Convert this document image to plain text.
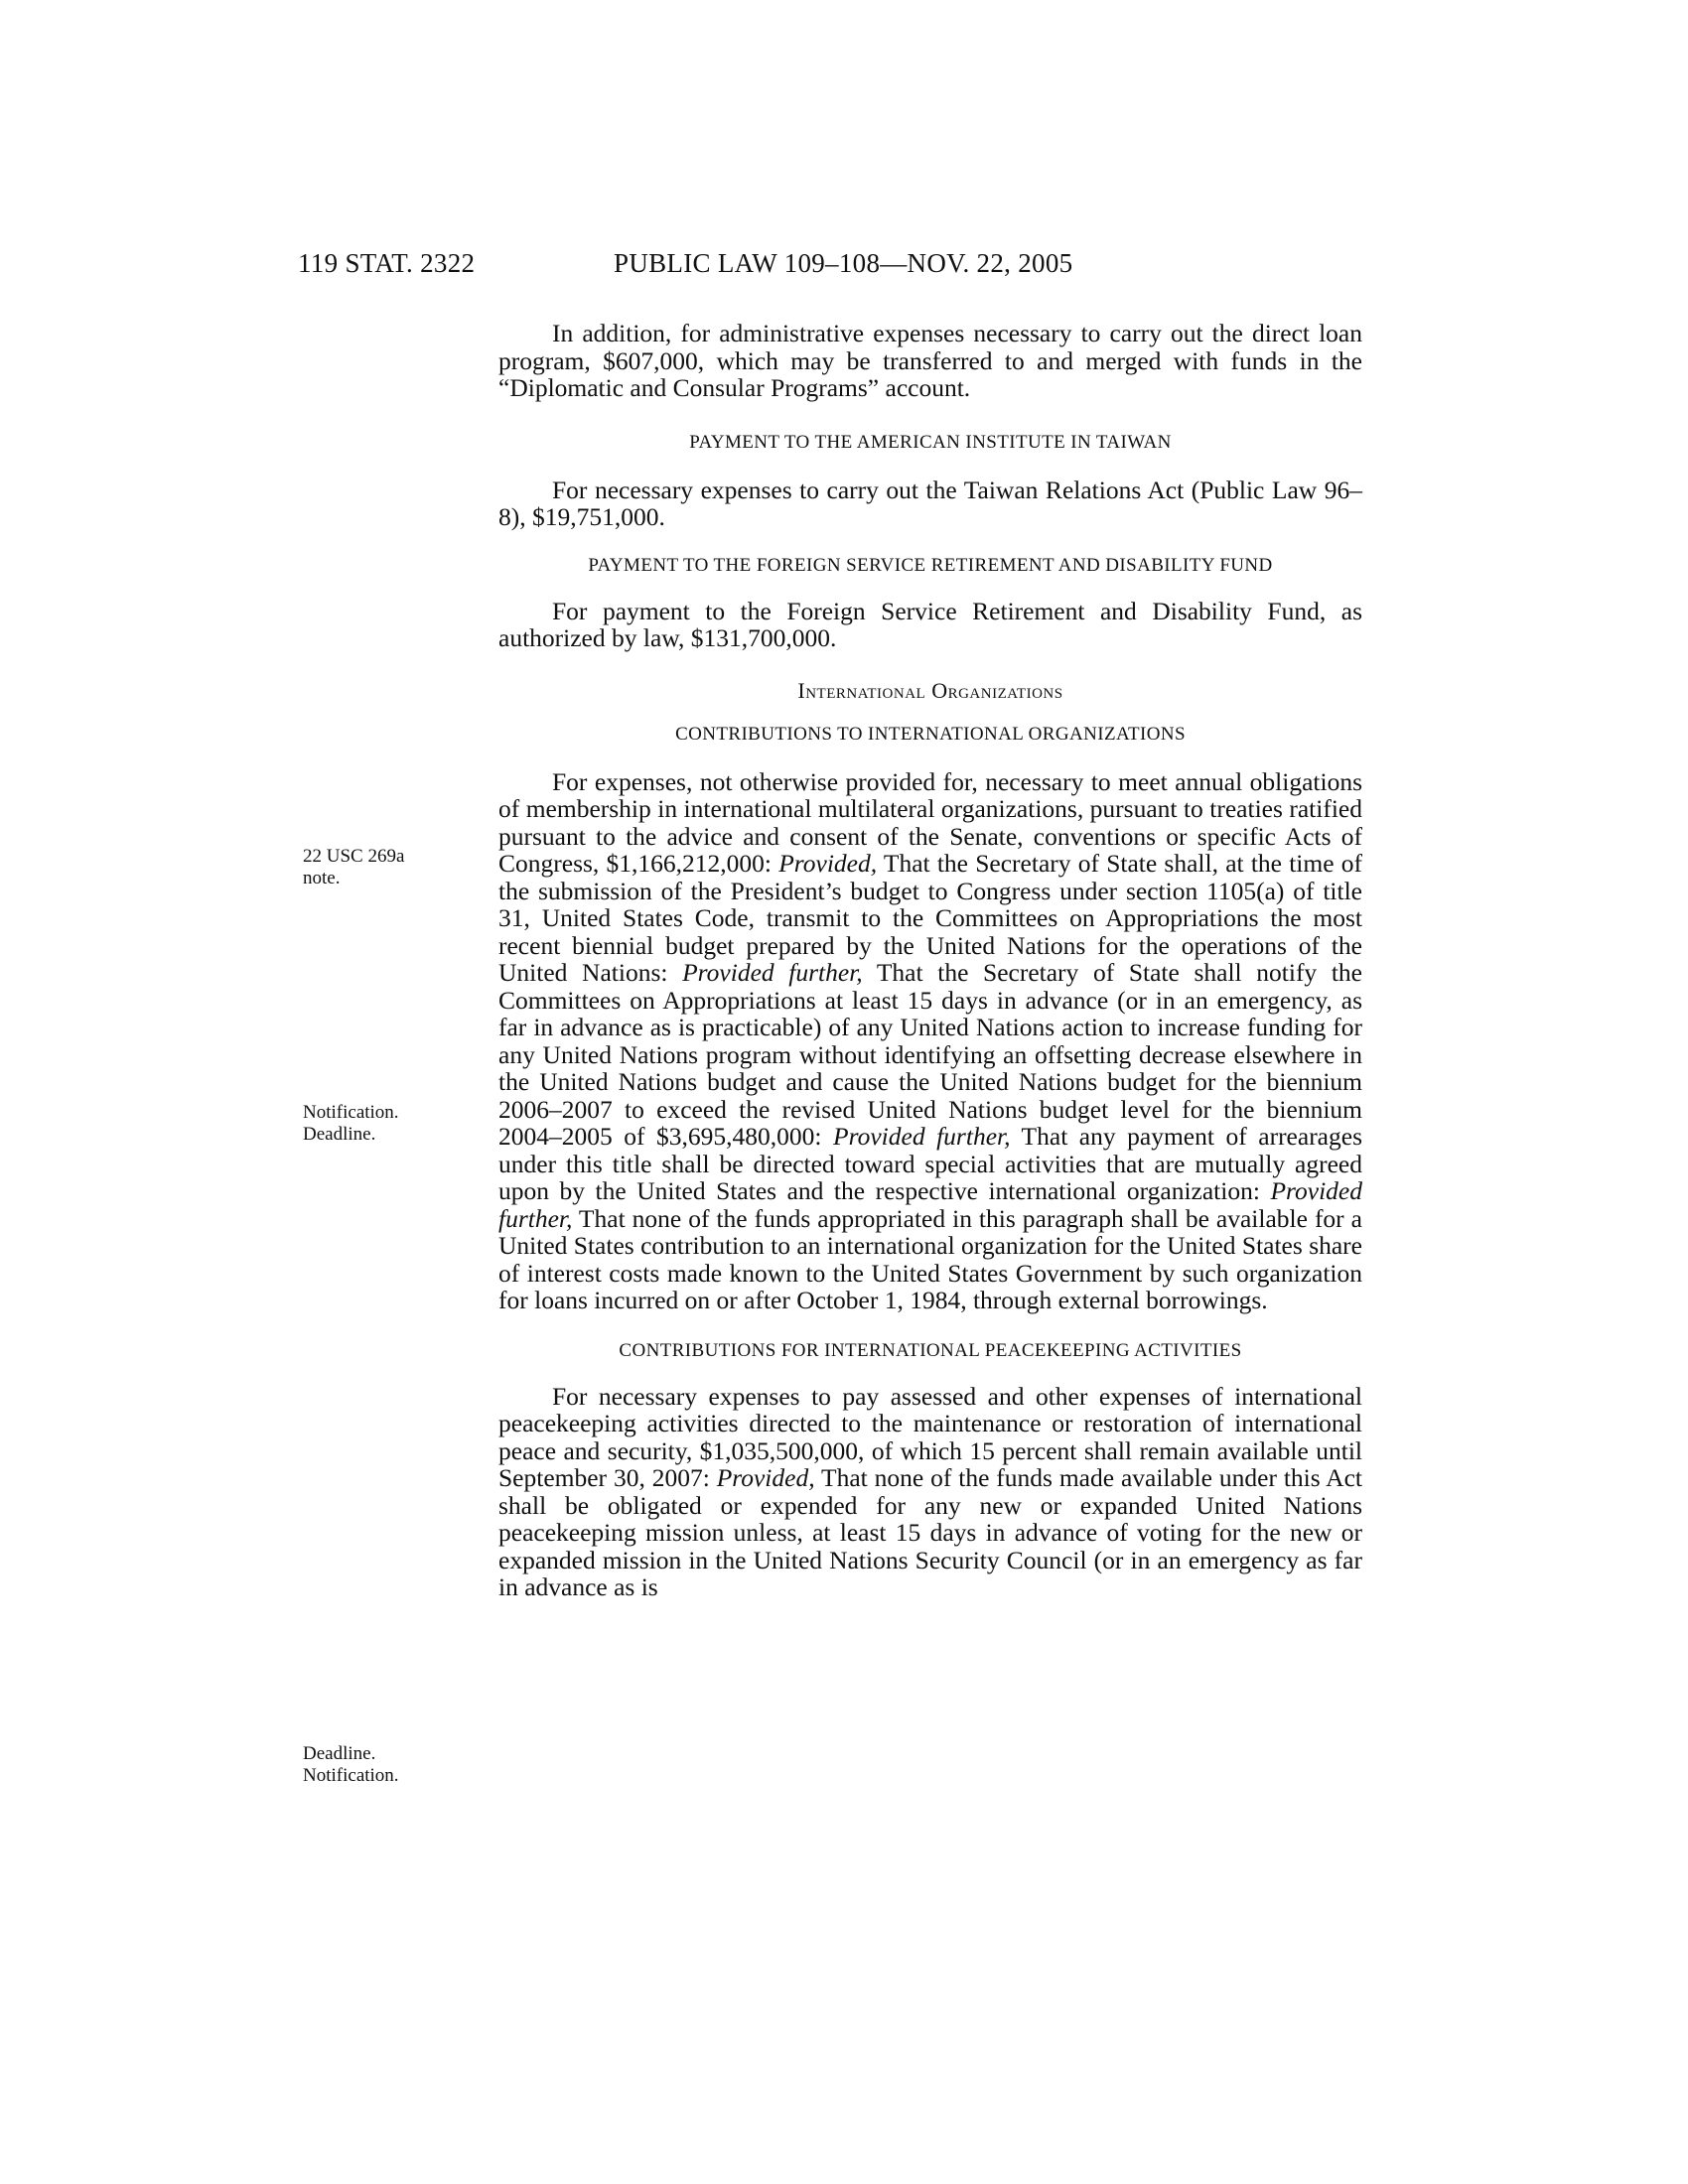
119 STAT. 2322	PUBLIC LAW 109–108—NOV. 22, 2005

In addition, for administrative expenses necessary to carry out the direct loan program, $607,000, which may be transferred to and merged with funds in the “Diplomatic and Consular Programs” account.

PAYMENT TO THE AMERICAN INSTITUTE IN TAIWAN

For necessary expenses to carry out the Taiwan Relations Act (Public Law 96–8), $19,751,000.

PAYMENT TO THE FOREIGN SERVICE RETIREMENT AND DISABILITY FUND

For payment to the Foreign Service Retirement and Disability Fund, as authorized by law, $131,700,000.

International Organizations

CONTRIBUTIONS TO INTERNATIONAL ORGANIZATIONS

For expenses, not otherwise provided for, necessary to meet annual obligations of membership in international multilateral organizations, pursuant to treaties ratified pursuant to the advice and consent of the Senate, conventions or specific Acts of Congress, $1,166,212,000: Provided, That the Secretary of State shall, at the time of the submission of the President’s budget to Congress under section 1105(a) of title 31, United States Code, transmit to the Committees on Appropriations the most recent biennial budget prepared by the United Nations for the operations of the United Nations: Provided further, That the Secretary of State shall notify the Committees on Appropriations at least 15 days in advance (or in an emergency, as far in advance as is practicable) of any United Nations action to increase funding for any United Nations program without identifying an offsetting decrease elsewhere in the United Nations budget and cause the United Nations budget for the biennium 2006–2007 to exceed the revised United Nations budget level for the biennium 2004–2005 of $3,695,480,000: Provided further, That any payment of arrearages under this title shall be directed toward special activities that are mutually agreed upon by the United States and the respective international organization: Provided further, That none of the funds appropriated in this paragraph shall be available for a United States contribution to an international organization for the United States share of interest costs made known to the United States Government by such organization for loans incurred on or after October 1, 1984, through external borrowings.

CONTRIBUTIONS FOR INTERNATIONAL PEACEKEEPING ACTIVITIES

For necessary expenses to pay assessed and other expenses of international peacekeeping activities directed to the maintenance or restoration of international peace and security, $1,035,500,000, of which 15 percent shall remain available until September 30, 2007: Provided, That none of the funds made available under this Act shall be obligated or expended for any new or expanded United Nations peacekeeping mission unless, at least 15 days in advance of voting for the new or expanded mission in the United Nations Security Council (or in an emergency as far in advance as is

22 USC 269a
note.
Notification.
Deadline.
Deadline.
Notification.
